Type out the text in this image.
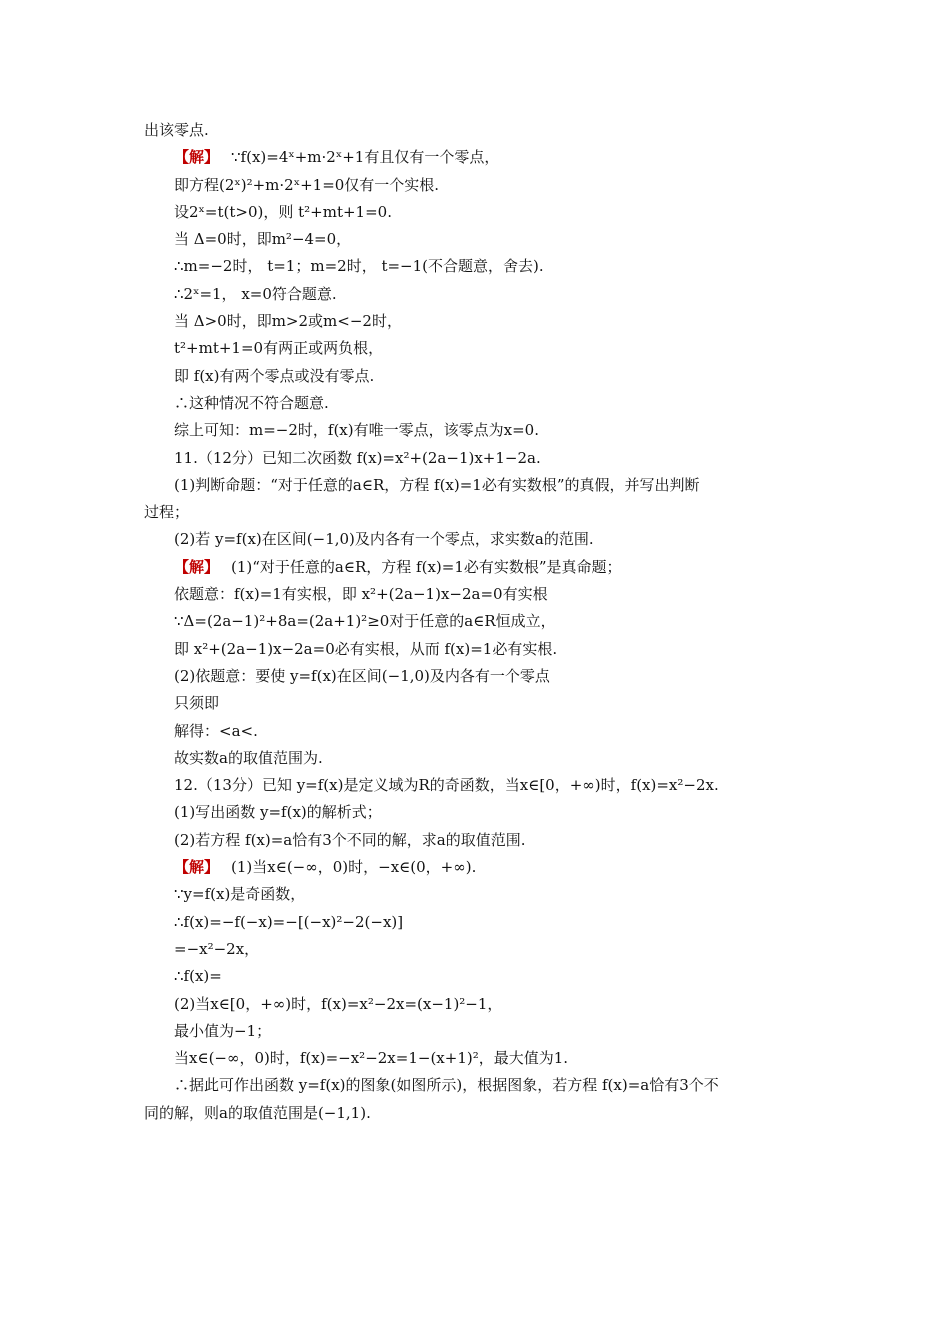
出该零点.
【解】 ∵f(x)=4ˣ+m·2ˣ+1有且仅有一个零点，
即方程(2ˣ)²+m·2ˣ+1=0仅有一个实根.
设2ˣ=t(t>0)，则 t²+mt+1=0.
当 Δ=0时，即m²−4=0，
∴m=−2时， t=1；m=2时， t=−1(不合题意，舍去).
∴2ˣ=1， x=0符合题意.
当 Δ>0时，即m>2或m<−2时，
t²+mt+1=0有两正或两负根，
即 f(x)有两个零点或没有零点.
∴这种情况不符合题意.
综上可知：m=−2时，f(x)有唯一零点，该零点为x=0.
11.（12分）已知二次函数 f(x)=x²+(2a−1)x+1−2a.
(1)判断命题：“对于任意的a∈R，方程 f(x)=1必有实数根”的真假，并写出判断
过程；
(2)若 y=f(x)在区间(−1,0)及内各有一个零点，求实数a的范围.
【解】 (1)“对于任意的a∈R，方程 f(x)=1必有实数根”是真命题；
依题意：f(x)=1有实根，即 x²+(2a−1)x−2a=0有实根
∵Δ=(2a−1)²+8a=(2a+1)²≥0对于任意的a∈R恒成立，
即 x²+(2a−1)x−2a=0必有实根，从而 f(x)=1必有实根.
(2)依题意：要使 y=f(x)在区间(−1,0)及内各有一个零点
只须即
解得：<a<.
故实数a的取值范围为.
12.（13分）已知 y=f(x)是定义域为R的奇函数，当x∈[0，+∞)时，f(x)=x²−2x.
(1)写出函数 y=f(x)的解析式；
(2)若方程 f(x)=a恰有3个不同的解，求a的取值范围.
【解】 (1)当x∈(−∞，0)时，−x∈(0，+∞).
∵y=f(x)是奇函数，
∴f(x)=−f(−x)=−[(−x)²−2(−x)]
=−x²−2x，
∴f(x)=
(2)当x∈[0，+∞)时，f(x)=x²−2x=(x−1)²−1，
最小值为−1；
当x∈(−∞，0)时，f(x)=−x²−2x=1−(x+1)²，最大值为1.
∴据此可作出函数 y=f(x)的图象(如图所示)，根据图象，若方程 f(x)=a恰有3个不
同的解，则a的取值范围是(−1,1).
